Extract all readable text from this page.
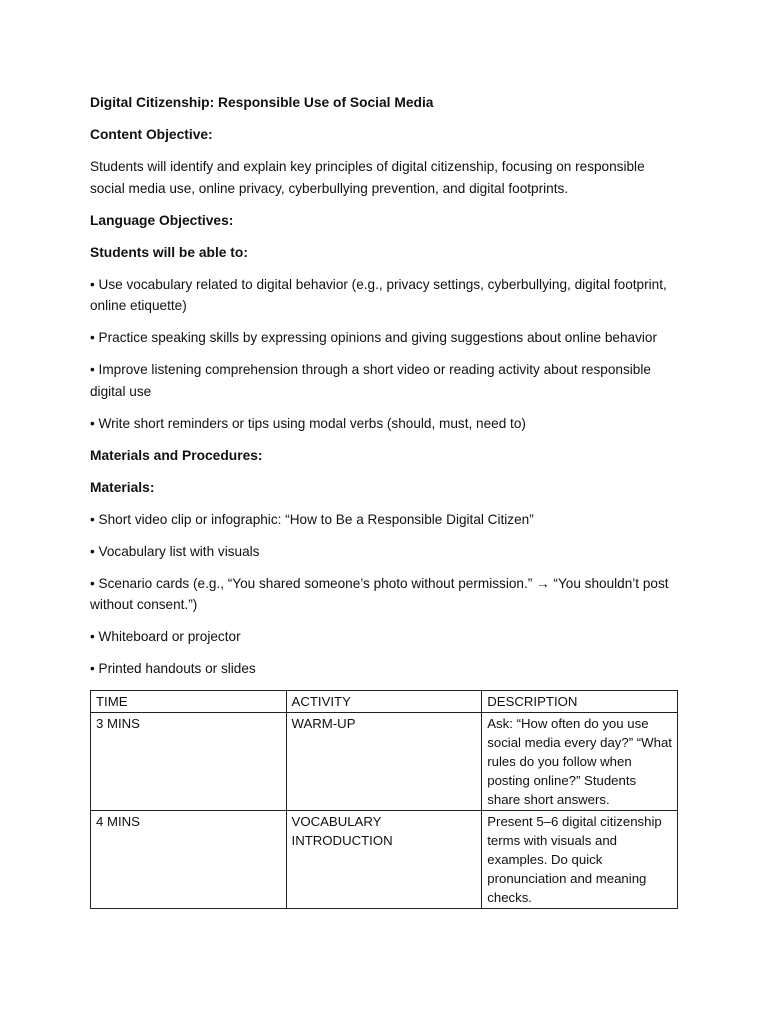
Digital Citizenship: Responsible Use of Social Media

Content Objective:

Students will identify and explain key principles of digital citizenship, focusing on responsible social media use, online privacy, cyberbullying prevention, and digital footprints.

Language Objectives:

Students will be able to:

• Use vocabulary related to digital behavior (e.g., privacy settings, cyberbullying, digital footprint, online etiquette)

• Practice speaking skills by expressing opinions and giving suggestions about online behavior

• Improve listening comprehension through a short video or reading activity about responsible digital use

• Write short reminders or tips using modal verbs (should, must, need to)

Materials and Procedures:

Materials:

• Short video clip or infographic: “How to Be a Responsible Digital Citizen”

• Vocabulary list with visuals

• Scenario cards (e.g., “You shared someone’s photo without permission.” → “You shouldn’t post without consent.”)

• Whiteboard or projector

• Printed handouts or slides

TIME	ACTIVITY	DESCRIPTION
3 MINS	WARM-UP	Ask: “How often do you use social media every day?” “What rules do you follow when posting online?” Students share short answers.
4 MINS	VOCABULARY INTRODUCTION	Present 5–6 digital citizenship terms with visuals and examples. Do quick pronunciation and meaning checks.
